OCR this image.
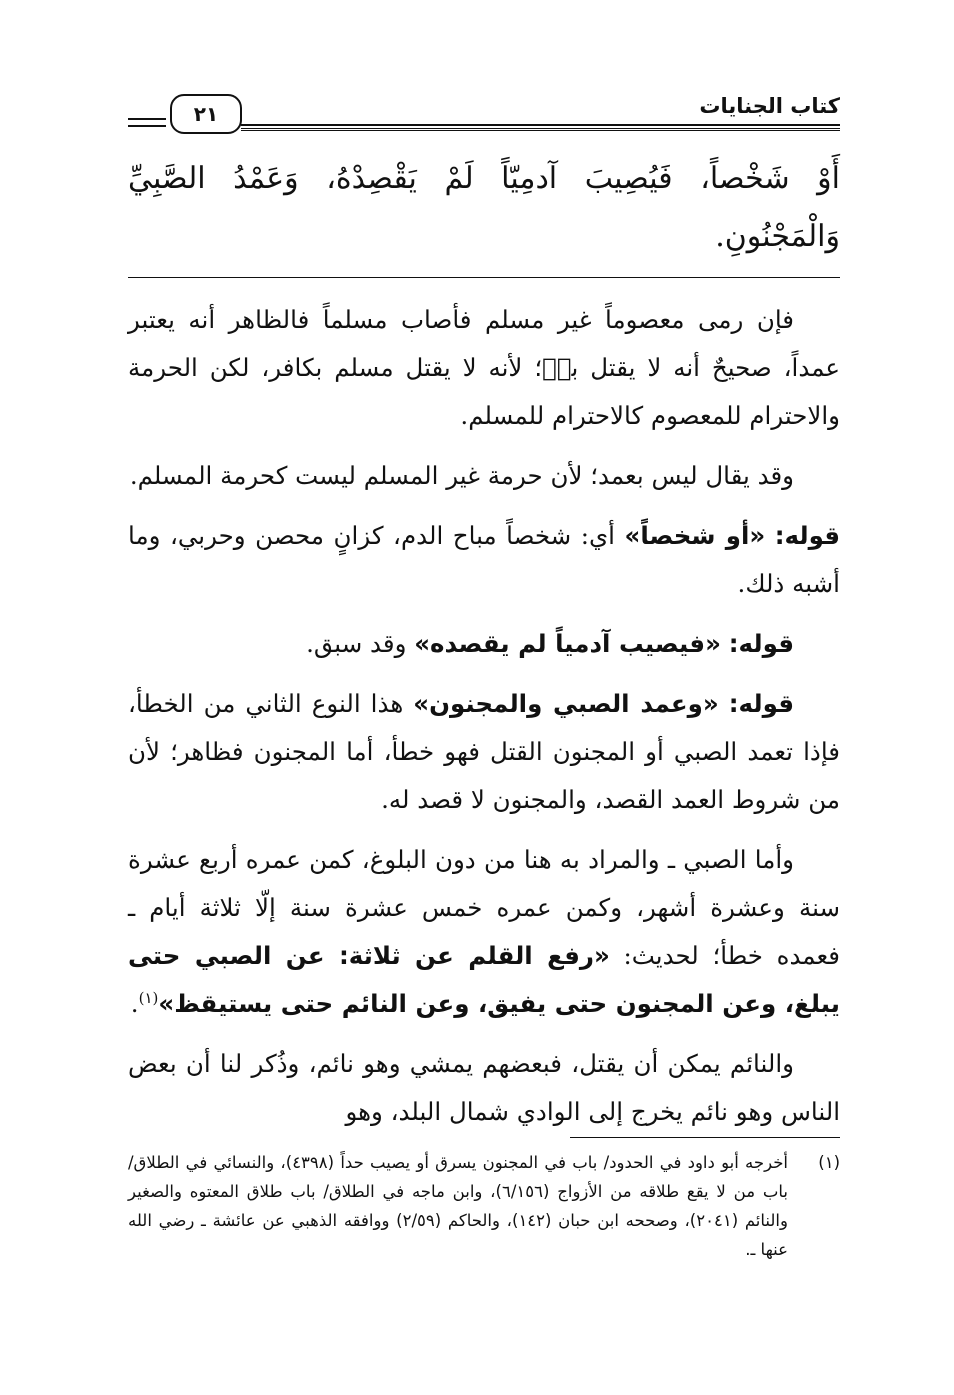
كتاب الجنايات
٢١
أَوْ شَخْصاً، فَيُصِيبَ آدمِيّاً لَمْ يَقْصِدْهُ، وَعَمْدُ الصَّبِيِّ وَالْمَجْنُونِ.

فإن رمى معصوماً غير مسلم فأصاب مسلماً فالظاهر أنه يعتبر عمداً، صحيحٌ أنه لا يقتل بهٖ؛ لأنه لا يقتل مسلم بكافر، لكن الحرمة والاحترام للمعصوم كالاحترام للمسلم.

وقد يقال ليس بعمد؛ لأن حرمة غير المسلم ليست كحرمة المسلم.

قوله: «أو شخصاً» أي: شخصاً مباح الدم، كزانٍ محصن وحربي، وما أشبه ذلك.

قوله: «فيصيب آدمياً لم يقصده» وقد سبق.

قوله: «وعمد الصبي والمجنون» هذا النوع الثاني من الخطأ، فإذا تعمد الصبي أو المجنون القتل فهو خطأ، أما المجنون فظاهر؛ لأن من شروط العمد القصد، والمجنون لا قصد له.

وأما الصبي ـ والمراد به هنا من دون البلوغ، كمن عمره أربع عشرة سنة وعشرة أشهر، وكمن عمره خمس عشرة سنة إلّا ثلاثة أيام ـ فعمده خطأ؛ لحديث: «رفع القلم عن ثلاثة: عن الصبي حتى يبلغ، وعن المجنون حتى يفيق، وعن النائم حتى يستيقظ»$^{(١)}$.

والنائم يمكن أن يقتل، فبعضهم يمشي وهو نائم، وذُكر لنا أن بعض الناس وهو نائم يخرج إلى الوادي شمال البلد، وهو

(١)
أخرجه أبو داود في الحدود/ باب في المجنون يسرق أو يصيب حداً (٤٣٩٨)، والنسائي في الطلاق/ باب من لا يقع طلاقه من الأزواج (٦/١٥٦)، وابن ماجه في الطلاق/ باب طلاق المعتوه والصغير والنائم (٢٠٤١)، وصححه ابن حبان (١٤٢)، والحاكم (٢/٥٩) ووافقه الذهبي عن عائشة ـ رضي الله عنها ـ.
